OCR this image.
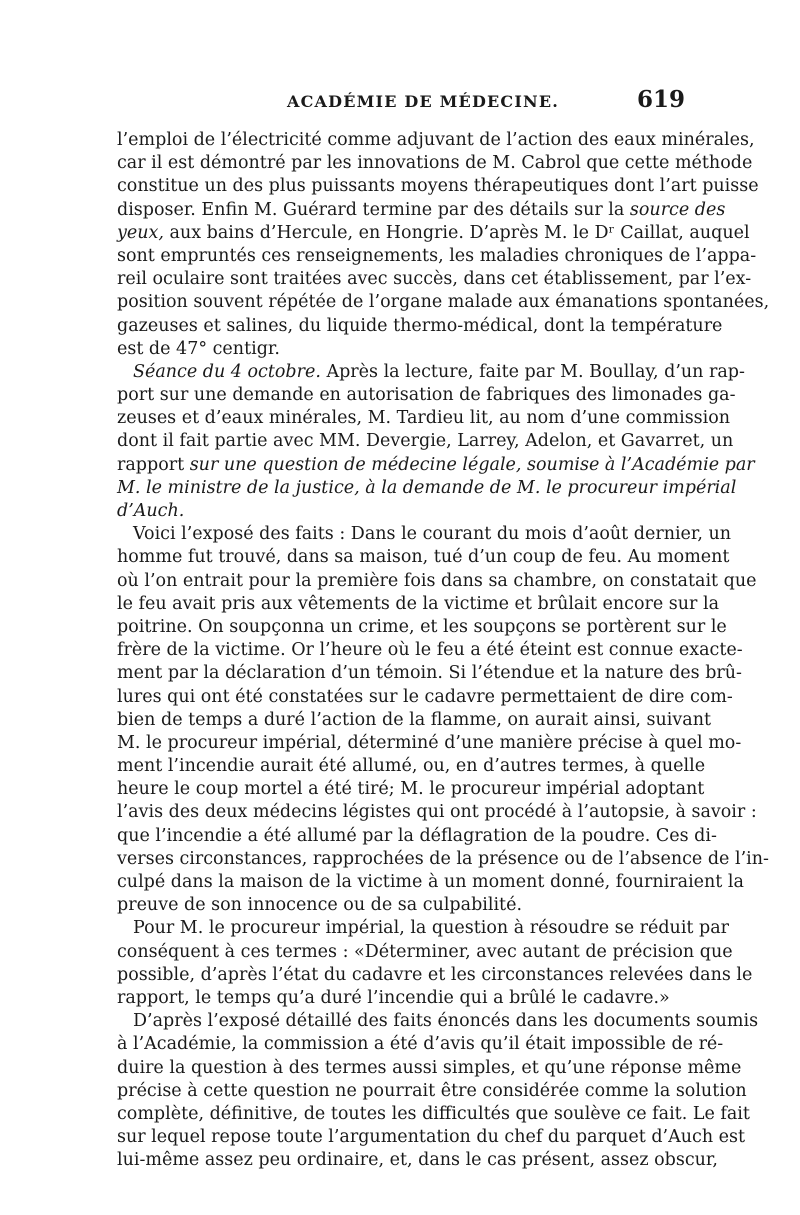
ACADÉMIE DE MÉDECINE.	619
l’emploi de l’électricité comme adjuvant de l’action des eaux minérales,
car il est démontré par les innovations de M. Cabrol que cette méthode
constitue un des plus puissants moyens thérapeutiques dont l’art puisse
disposer. Enfin M. Guérard termine par des détails sur la source des
yeux, aux bains d’Hercule, en Hongrie. D’après M. le Dʳ Caillat, auquel
sont empruntés ces renseignements, les maladies chroniques de l’appa-
reil oculaire sont traitées avec succès, dans cet établissement, par l’ex-
position souvent répétée de l’organe malade aux émanations spontanées,
gazeuses et salines, du liquide thermo-médical, dont la température
est de 47° centigr.
Séance du 4 octobre. Après la lecture, faite par M. Boullay, d’un rap-
port sur une demande en autorisation de fabriques des limonades ga-
zeuses et d’eaux minérales, M. Tardieu lit, au nom d’une commission
dont il fait partie avec MM. Devergie, Larrey, Adelon, et Gavarret, un
rapport sur une question de médecine légale, soumise à l’Académie par
M. le ministre de la justice, à la demande de M. le procureur impérial
d’Auch.
Voici l’exposé des faits : Dans le courant du mois d’août dernier, un
homme fut trouvé, dans sa maison, tué d’un coup de feu. Au moment
où l’on entrait pour la première fois dans sa chambre, on constatait que
le feu avait pris aux vêtements de la victime et brûlait encore sur la
poitrine. On soupçonna un crime, et les soupçons se portèrent sur le
frère de la victime. Or l’heure où le feu a été éteint est connue exacte-
ment par la déclaration d’un témoin. Si l’étendue et la nature des brû-
lures qui ont été constatées sur le cadavre permettaient de dire com-
bien de temps a duré l’action de la flamme, on aurait ainsi, suivant
M. le procureur impérial, déterminé d’une manière précise à quel mo-
ment l’incendie aurait été allumé, ou, en d’autres termes, à quelle
heure le coup mortel a été tiré; M. le procureur impérial adoptant
l’avis des deux médecins légistes qui ont procédé à l’autopsie, à savoir :
que l’incendie a été allumé par la déflagration de la poudre. Ces di-
verses circonstances, rapprochées de la présence ou de l’absence de l’in-
culpé dans la maison de la victime à un moment donné, fourniraient la
preuve de son innocence ou de sa culpabilité.
Pour M. le procureur impérial, la question à résoudre se réduit par
conséquent à ces termes : «Déterminer, avec autant de précision que
possible, d’après l’état du cadavre et les circonstances relevées dans le
rapport, le temps qu’a duré l’incendie qui a brûlé le cadavre.»
D’après l’exposé détaillé des faits énoncés dans les documents soumis
à l’Académie, la commission a été d’avis qu’il était impossible de ré-
duire la question à des termes aussi simples, et qu’une réponse même
précise à cette question ne pourrait être considérée comme la solution
complète, définitive, de toutes les difficultés que soulève ce fait. Le fait
sur lequel repose toute l’argumentation du chef du parquet d’Auch est
lui-même assez peu ordinaire, et, dans le cas présent, assez obscur,
